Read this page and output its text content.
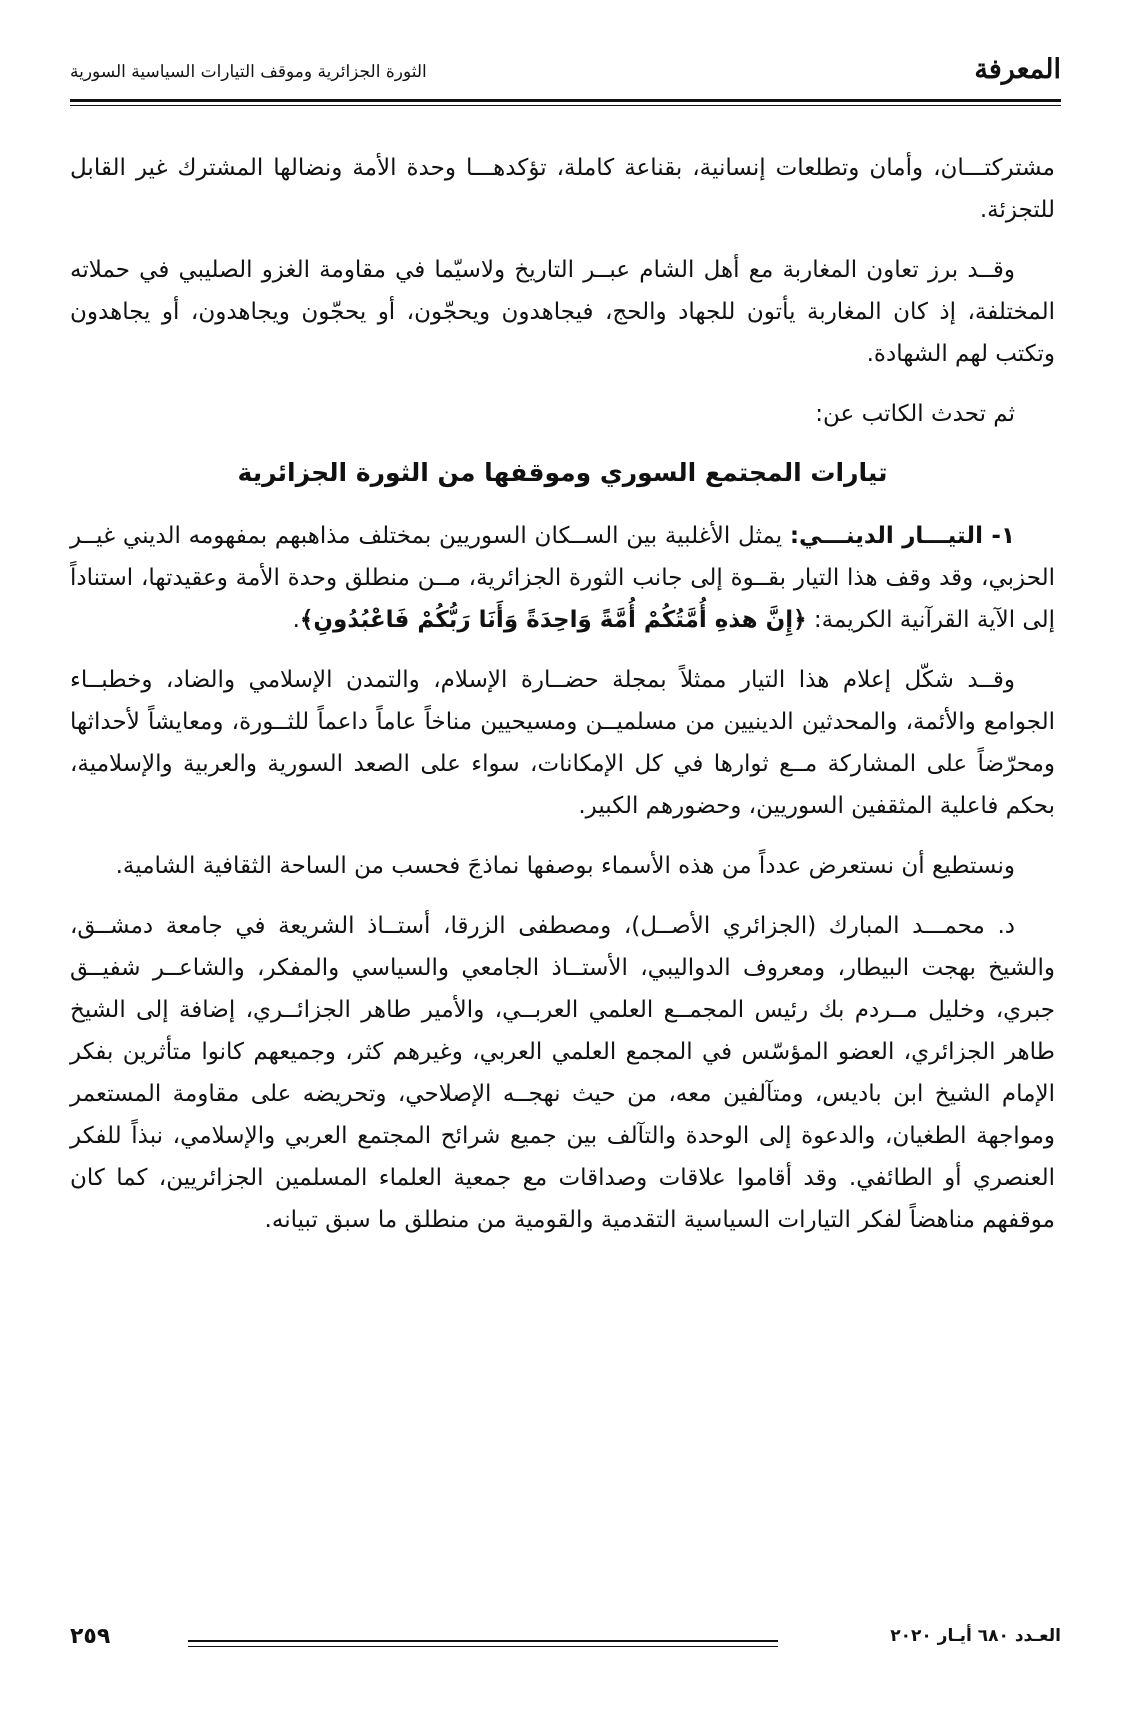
المعرفة
الثورة الجزائرية وموقف التيارات السياسية السورية

مشتركتـــان، وأمان وتطلعات إنسانية، بقناعة كاملة، تؤكدهـــا وحدة الأمة ونضالها المشترك غير القابل للتجزئة.

وقــد برز تعاون المغاربة مع أهل الشام عبــر التاريخ ولاسيّما في مقاومة الغزو الصليبي في حملاته المختلفة، إذ كان المغاربة يأتون للجهاد والحج، فيجاهدون ويحجّون، أو يحجّون ويجاهدون، أو يجاهدون وتكتب لهم الشهادة.

ثم تحدث الكاتب عن:

تيارات المجتمع السوري وموقفها من الثورة الجزائرية

١- التيـــار الدينـــي: يمثل الأغلبية بين الســكان السوريين بمختلف مذاهبهم بمفهومه الديني غيــر الحزبي، وقد وقف هذا التيار بقــوة إلى جانب الثورة الجزائرية، مــن منطلق وحدة الأمة وعقيدتها، استناداً إلى الآية القرآنية الكريمة: ﴿إِنَّ هذهِ أُمَّتُكُمْ أُمَّةً وَاحِدَةً وَأَنَا رَبُّكُمْ فَاعْبُدُونِ﴾.

وقــد شكّل إعلام هذا التيار ممثلاً بمجلة حضــارة الإسلام، والتمدن الإسلامي والضاد، وخطبــاء الجوامع والأئمة، والمحدثين الدينيين من مسلميــن ومسيحيين مناخاً عاماً داعماً للثــورة، ومعايشاً لأحداثها ومحرّضاً على المشاركة مــع ثوارها في كل الإمكانات، سواء على الصعد السورية والعربية والإسلامية، بحكم فاعلية المثقفين السوريين، وحضورهم الكبير.

ونستطيع أن نستعرض عدداً من هذه الأسماء بوصفها نماذجَ فحسب من الساحة الثقافية الشامية.

د. محمـــد المبارك (الجزائري الأصــل)، ومصطفى الزرقا، أستــاذ الشريعة في جامعة دمشــق، والشيخ بهجت البيطار، ومعروف الدواليبي، الأستــاذ الجامعي والسياسي والمفكر، والشاعــر شفيــق جبري، وخليل مــردم بك رئيس المجمــع العلمي العربــي، والأمير طاهر الجزائــري، إضافة إلى الشيخ طاهر الجزائري، العضو المؤسّس في المجمع العلمي العربي، وغيرهم كثر، وجميعهم كانوا متأثرين بفكر الإمام الشيخ ابن باديس، ومتآلفين معه، من حيث نهجــه الإصلاحي، وتحريضه على مقاومة المستعمر ومواجهة الطغيان، والدعوة إلى الوحدة والتآلف بين جميع شرائح المجتمع العربي والإسلامي، نبذاً للفكر العنصري أو الطائفي. وقد أقاموا علاقات وصداقات مع جمعية العلماء المسلمين الجزائريين، كما كان موقفهم مناهضاً لفكر التيارات السياسية التقدمية والقومية من منطلق ما سبق تبيانه.

٢٥٩	العـدد ٦٨٠ أيـار ٢٠٢٠
